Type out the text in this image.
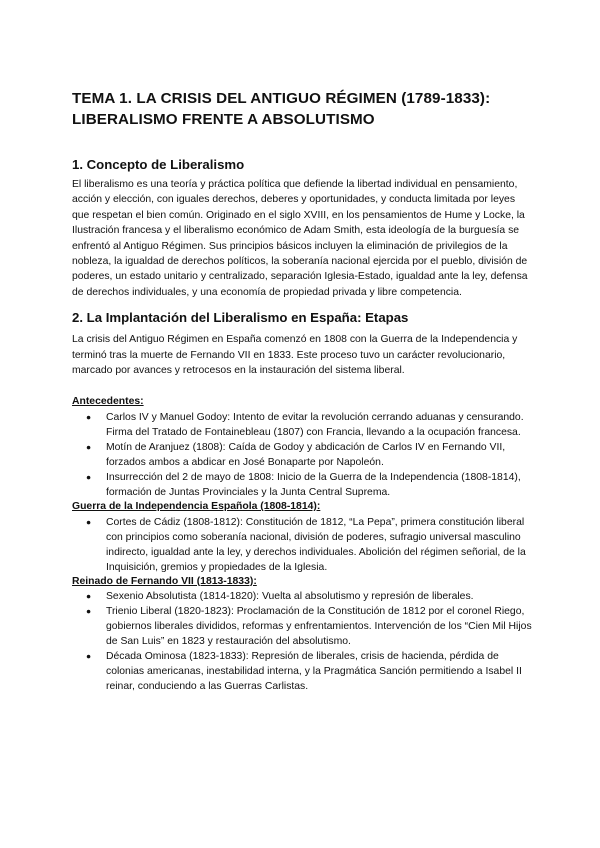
TEMA 1. LA CRISIS DEL ANTIGUO RÉGIMEN (1789-1833):
LIBERALISMO FRENTE A ABSOLUTISMO
1. Concepto de Liberalismo

El liberalismo es una teoría y práctica política que defiende la libertad individual en pensamiento, acción y elección, con iguales derechos, deberes y oportunidades, y conducta limitada por leyes que respetan el bien común. Originado en el siglo XVIII, en los pensamientos de Hume y Locke, la Ilustración francesa y el liberalismo económico de Adam Smith, esta ideología de la burguesía se enfrentó al Antiguo Régimen. Sus principios básicos incluyen la eliminación de privilegios de la nobleza, la igualdad de derechos políticos, la soberanía nacional ejercida por el pueblo, división de poderes, un estado unitario y centralizado, separación Iglesia-Estado, igualdad ante la ley, defensa de derechos individuales, y una economía de propiedad privada y libre competencia.

2. La Implantación del Liberalismo en España: Etapas

La crisis del Antiguo Régimen en España comenzó en 1808 con la Guerra de la Independencia y terminó tras la muerte de Fernando VII en 1833. Este proceso tuvo un carácter revolucionario, marcado por avances y retrocesos en la instauración del sistema liberal.

Antecedentes:

● Carlos IV y Manuel Godoy: Intento de evitar la revolución cerrando aduanas y censurando. Firma del Tratado de Fontainebleau (1807) con Francia, llevando a la ocupación francesa.
● Motín de Aranjuez (1808): Caída de Godoy y abdicación de Carlos IV en Fernando VII, forzados ambos a abdicar en José Bonaparte por Napoleón.
● Insurrección del 2 de mayo de 1808: Inicio de la Guerra de la Independencia (1808-1814), formación de Juntas Provinciales y la Junta Central Suprema.

Guerra de la Independencia Española (1808-1814):

● Cortes de Cádiz (1808-1812): Constitución de 1812, “La Pepa”, primera constitución liberal con principios como soberanía nacional, división de poderes, sufragio universal masculino indirecto, igualdad ante la ley, y derechos individuales. Abolición del régimen señorial, de la Inquisición, gremios y propiedades de la Iglesia.

Reinado de Fernando VII (1813-1833):

● Sexenio Absolutista (1814-1820): Vuelta al absolutismo y represión de liberales.
● Trienio Liberal (1820-1823): Proclamación de la Constitución de 1812 por el coronel Riego, gobiernos liberales divididos, reformas y enfrentamientos. Intervención de los “Cien Mil Hijos de San Luis” en 1823 y restauración del absolutismo.
● Década Ominosa (1823-1833): Represión de liberales, crisis de hacienda, pérdida de colonias americanas, inestabilidad interna, y la Pragmática Sanción permitiendo a Isabel II reinar, conduciendo a las Guerras Carlistas.
